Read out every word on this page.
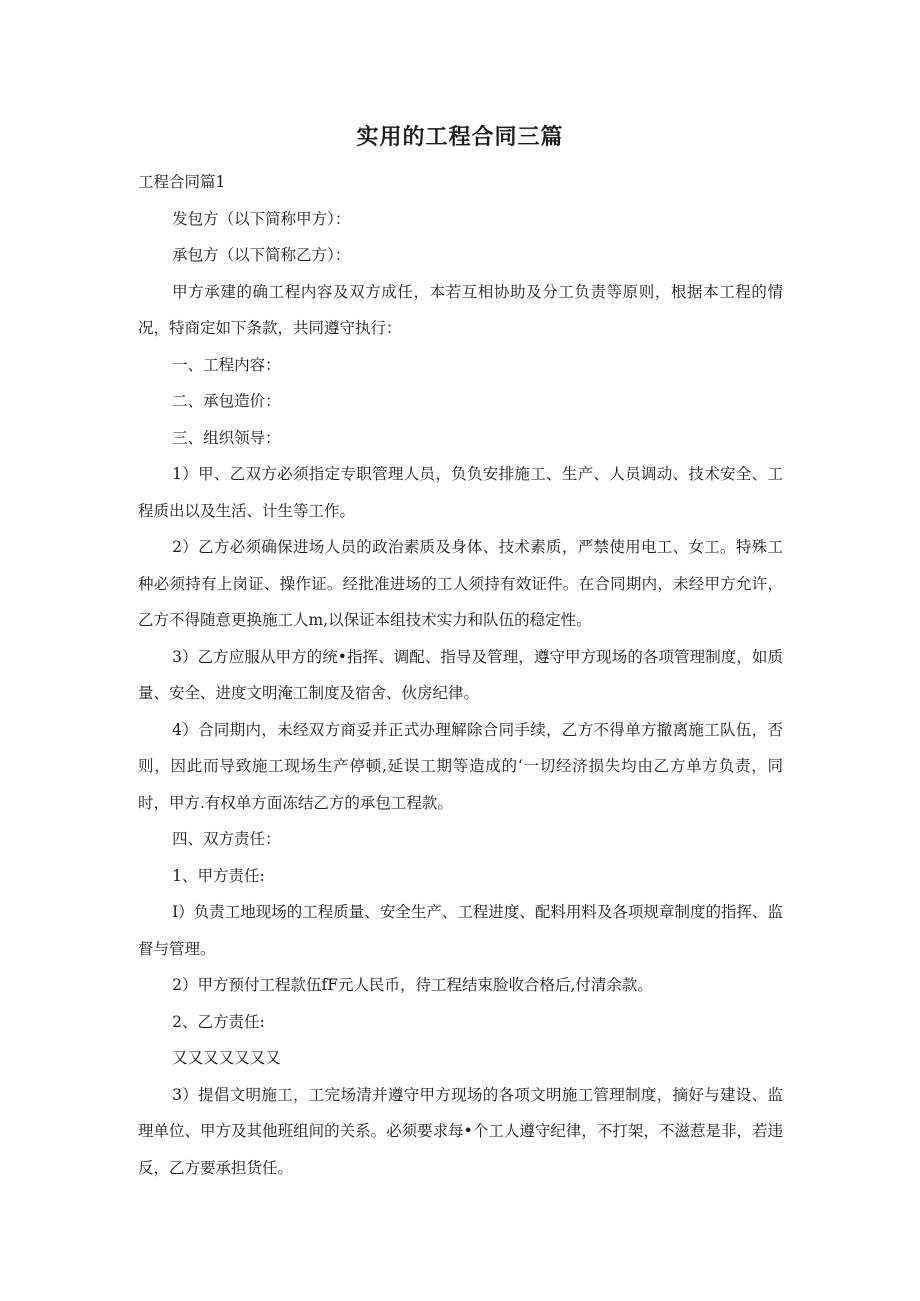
实用的工程合同三篇

工程合同篇1

发包方（以下简称甲方）：

承包方（以下简称乙方）：

甲方承建的确工程内容及双方成任，本若互相协助及分工负责等原则，根据本工程的情况，特商定如下条款，共同遵守执行：

一、工程内容：

二、承包造价：

三、组织领导：

1）甲、乙双方必须指定专职管理人员，负负安排施工、生产、人员调动、技术安全、工程质出以及生活、计生等工作。

2）乙方必须确保进场人员的政治素质及身体、技术素质，严禁使用电工、女工。特殊工种必须持有上岗证、操作证。经批准进场的工人须持有效证件。在合同期内，未经甲方允许，乙方不得随意更换施工人m,以保证本组技术实力和队伍的稳定性。

3）乙方应服从甲方的统•指挥、调配、指导及管理，遵守甲方现场的各项管理制度，如质量、安全、进度文明淹工制度及宿舍、伙房纪律。

4）合同期内，未经双方商妥并正式办理解除合同手续，乙方不得单方撤离施工队伍，否则，因此而导致施工现场生产停顿,延误工期等造成的‘一切经济损失均由乙方单方负责，同时，甲方.有权单方面冻结乙方的承包工程款。

四、双方责任：

1、甲方责任:

I）负责工地现场的工程质量、安全生产、工程进度、配料用料及各项规章制度的指挥、监督与管理。

2）甲方预付工程款伍fF元人民币，待工程结束脸收合格后,付清余款。

2、乙方责任:

又又又又又又又

3）提倡文明施工，工完场清并遵守甲方现场的各项文明施工管理制度，摘好与建设、监理单位、甲方及其他班组间的关系。必须要求每•个工人遵守纪律，不打架，不滋惹是非，若违反，乙方要承担货任。
